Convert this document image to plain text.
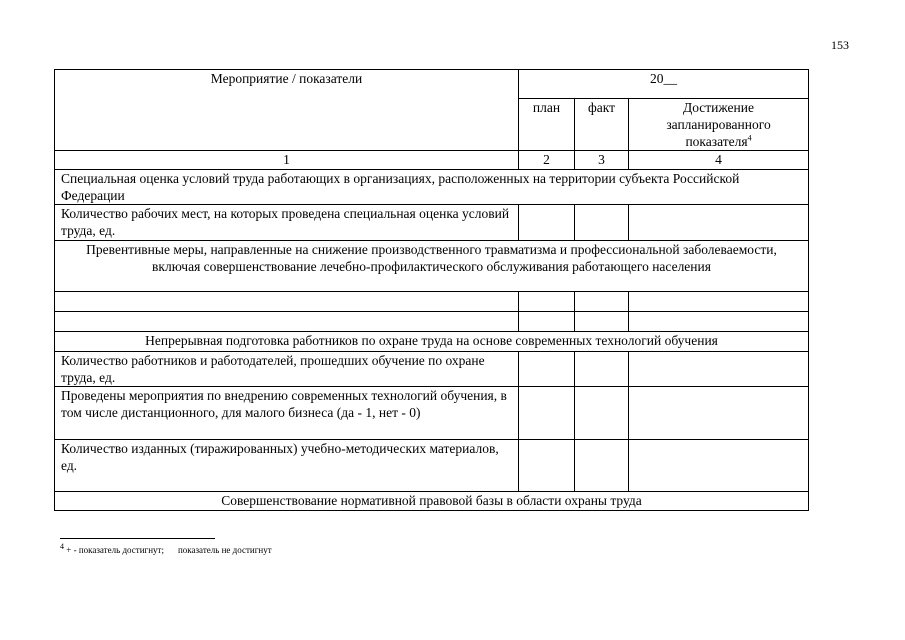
153
Мероприятие / показатели	20__		
	план	факт	Достижение запланированного показателя$^4$
1	2	3	4
Специальная оценка условий труда работающих в организациях, расположенных на территории субъекта Российской Федерации			
Количество рабочих мест, на которых проведена специальная оценка условий труда, ед.			
Превентивные меры, направленные на снижение производственного травматизма и профессиональной заболеваемости, включая совершенствование лечебно-профилактического обслуживания работающего населения			

Непрерывная подготовка работников по охране труда на основе современных технологий обучения			
Количество работников и работодателей, прошедших обучение по охране труда, ед.			
Проведены мероприятия по внедрению современных технологий обучения, в том числе дистанционного, для малого бизнеса (да - 1, нет - 0)			
Количество изданных (тиражированных) учебно-методических материалов, ед.			
Совершенствование нормативной правовой базы в области охраны труда			
$^4$ + - показатель достигнут; показатель не достигнут
